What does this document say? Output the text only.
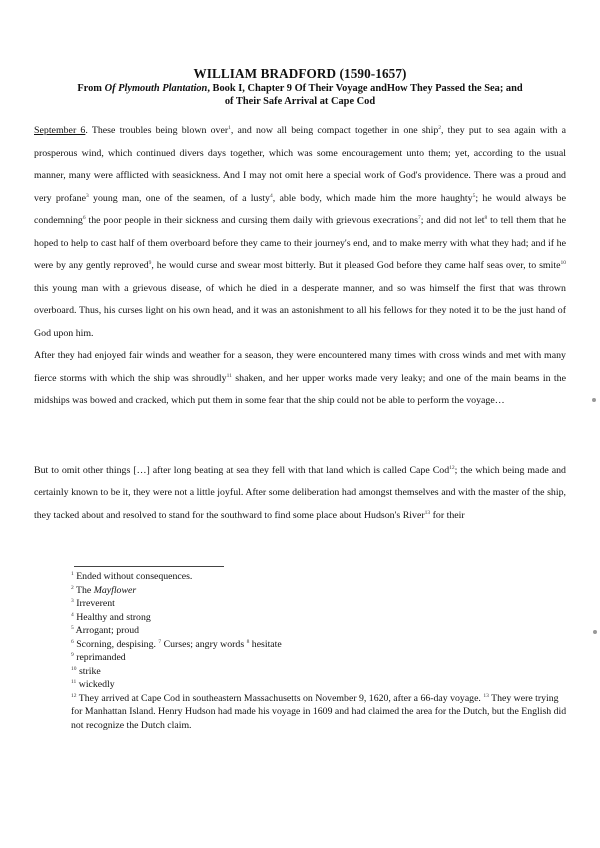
WILLIAM BRADFORD (1590-1657)
From Of Plymouth Plantation, Book I, Chapter 9 Of Their Voyage andHow They Passed the Sea; and
of Their Safe Arrival at Cape Cod

September 6. These troubles being blown over$^1$, and now all being compact together in one ship$^2$, they put to sea again with a prosperous wind, which continued divers days together, which was some encouragement unto them; yet, according to the usual manner, many were afflicted with seasickness. And I may not omit here a special work of God's providence. There was a proud and very profane$^3$ young man, one of the seamen, of a lusty$^4$, able body, which made him the more haughty$^5$; he would always be condemning$^6$ the poor people in their sickness and cursing them daily with grievous execrations$^7$; and did not let$^8$ to tell them that he hoped to help to cast half of them overboard before they came to their journey's end, and to make merry with what they had; and if he were by any gently reproved$^9$, he would curse and swear most bitterly. But it pleased God before they came half seas over, to smite$^{10}$ this young man with a grievous disease, of which he died in a desperate manner, and so was himself the first that was thrown overboard. Thus, his curses light on his own head, and it was an astonishment to all his fellows for they noted it to be the just hand of God upon him.

After they had enjoyed fair winds and weather for a season, they were encountered many times with cross winds and met with many fierce storms with which the ship was shroudly$^{11}$ shaken, and her upper works made very leaky; and one of the main beams in the midships was bowed and cracked, which put them in some fear that the ship could not be able to perform the voyage…

But to omit other things […] after long beating at sea they fell with that land which is called Cape Cod$^{12}$; the which being made and certainly known to be it, they were not a little joyful. After some deliberation had amongst themselves and with the master of the ship, they tacked about and resolved to stand for the southward to find some place about Hudson's River$^{13}$ for their

$^1$ Ended without consequences.
$^2$ The Mayflower
$^3$ Irreverent
$^4$ Healthy and strong
$^5$ Arrogant; proud
$^6$ Scorning, despising. $^7$ Curses; angry words $^8$ hesitate
$^9$ reprimanded
$^{10}$ strike
$^{11}$ wickedly
$^{12}$ They arrived at Cape Cod in southeastern Massachusetts on November 9, 1620, after a 66-day voyage. $^{13}$ They were trying for Manhattan Island. Henry Hudson had made his voyage in 1609 and had claimed the area for the Dutch, but the English did not recognize the Dutch claim.
